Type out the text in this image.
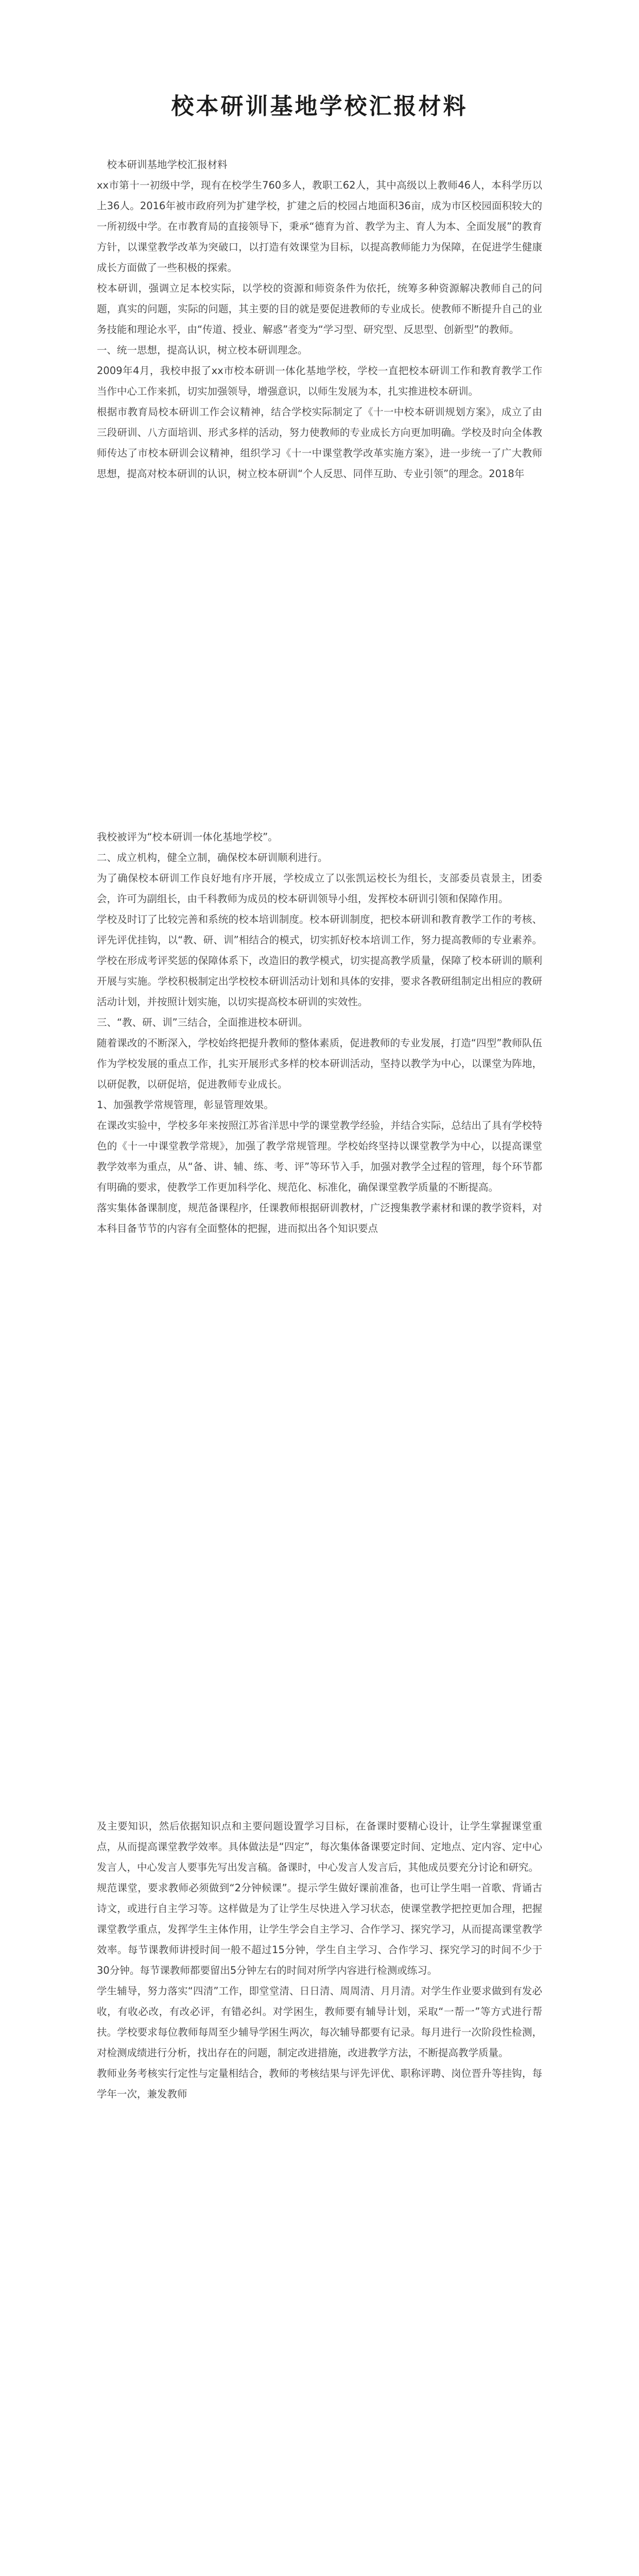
校本研训基地学校汇报材料

　校本研训基地学校汇报材料

xx市第十一初级中学，现有在校学生760多人，教职工62人，其中高级以上教师46人，本科学历以上36人。2016年被市政府列为扩建学校，扩建之后的校园占地面积36亩，成为市区校园面积较大的一所初级中学。在市教育局的直接领导下，秉承“德育为首、教学为主、育人为本、全面发展”的教育方针，以课堂教学改革为突破口，以打造有效课堂为目标，以提高教师能力为保障，在促进学生健康成长方面做了一些积极的探索。

校本研训，强调立足本校实际，以学校的资源和师资条件为依托，统筹多种资源解决教师自己的问题，真实的问题，实际的问题，其主要的目的就是要促进教师的专业成长。使教师不断提升自己的业务技能和理论水平，由“传道、授业、解惑”者变为“学习型、研究型、反思型、创新型”的教师。

一、统一思想，提高认识，树立校本研训理念。

2009年4月，我校申报了xx市校本研训一体化基地学校，学校一直把校本研训工作和教育教学工作当作中心工作来抓，切实加强领导，增强意识，以师生发展为本，扎实推进校本研训。

根据市教育局校本研训工作会议精神，结合学校实际制定了《十一中校本研训规划方案》，成立了由三段研训、八方面培训、形式多样的活动，努力使教师的专业成长方向更加明确。学校及时向全体教师传达了市校本研训会议精神，组织学习《十一中课堂教学改革实施方案》，进一步统一了广大教师思想，提高对校本研训的认识，树立校本研训“个人反思、同伴互助、专业引领”的理念。2018年

我校被评为“校本研训一体化基地学校”。

二、成立机构，健全立制，确保校本研训顺利进行。

为了确保校本研训工作良好地有序开展，学校成立了以张凯运校长为组长，支部委员袁景主，团委会，许可为副组长，由千科教师为成员的校本研训领导小组，发挥校本研训引领和保障作用。

学校及时订了比较完善和系统的校本培训制度。校本研训制度，把校本研训和教育教学工作的考核、评先评优挂钩，以“教、研、训”相结合的模式，切实抓好校本培训工作，努力提高教师的专业素养。学校在形成考评奖惩的保障体系下，改造旧的教学模式，切实提高教学质量，保障了校本研训的顺利开展与实施。学校积极制定出学校校本研训活动计划和具体的安排，要求各教研组制定出相应的教研活动计划，并按照计划实施，以切实提高校本研训的实效性。

三、“教、研、训”三结合，全面推进校本研训。

随着课改的不断深入，学校始终把提升教师的整体素质，促进教师的专业发展，打造“四型”教师队伍作为学校发展的重点工作，扎实开展形式多样的校本研训活动，坚持以教学为中心，以课堂为阵地，以研促教，以研促培，促进教师专业成长。

1、加强教学常规管理，彰显管理效果。

在课改实验中，学校多年来按照江苏省洋思中学的课堂教学经验，并结合实际，总结出了具有学校特色的《十一中课堂教学常规》，加强了教学常规管理。学校始终坚持以课堂教学为中心，以提高课堂教学效率为重点，从“备、讲、辅、练、考、评”等环节入手，加强对教学全过程的管理，每个环节都有明确的要求，使教学工作更加科学化、规范化、标准化，确保课堂教学质量的不断提高。

落实集体备课制度，规范备课程序，任课教师根据研训教材，广泛搜集教学素材和课的教学资料，对本科目备节节的内容有全面整体的把握，进而拟出各个知识要点

及主要知识，然后依据知识点和主要问题设置学习目标，在备课时要精心设计，让学生掌握课堂重点，从而提高课堂教学效率。具体做法是“四定”，每次集体备课要定时间、定地点、定内容、定中心发言人，中心发言人要事先写出发言稿。备课时，中心发言人发言后，其他成员要充分讨论和研究。

规范课堂，要求教师必须做到“2分钟候课”。提示学生做好课前准备，也可让学生唱一首歌、背诵古诗文，或进行自主学习等。这样做是为了让学生尽快进入学习状态，使课堂教学把控更加合理，把握课堂教学重点，发挥学生主体作用，让学生学会自主学习、合作学习、探究学习，从而提高课堂教学效率。每节课教师讲授时间一般不超过15分钟，学生自主学习、合作学习、探究学习的时间不少于30分钟。每节课教师都要留出5分钟左右的时间对所学内容进行检测或练习。

学生辅导，努力落实“四清”工作，即堂堂清、日日清、周周清、月月清。对学生作业要求做到有发必收，有收必改，有改必评，有错必纠。对学困生，教师要有辅导计划，采取“一帮一”等方式进行帮扶。学校要求每位教师每周至少辅导学困生两次，每次辅导都要有记录。每月进行一次阶段性检测，对检测成绩进行分析，找出存在的问题，制定改进措施，改进教学方法，不断提高教学质量。

教师业务考核实行定性与定量相结合，教师的考核结果与评先评优、职称评聘、岗位晋升等挂钩，每学年一次，兼发教师
